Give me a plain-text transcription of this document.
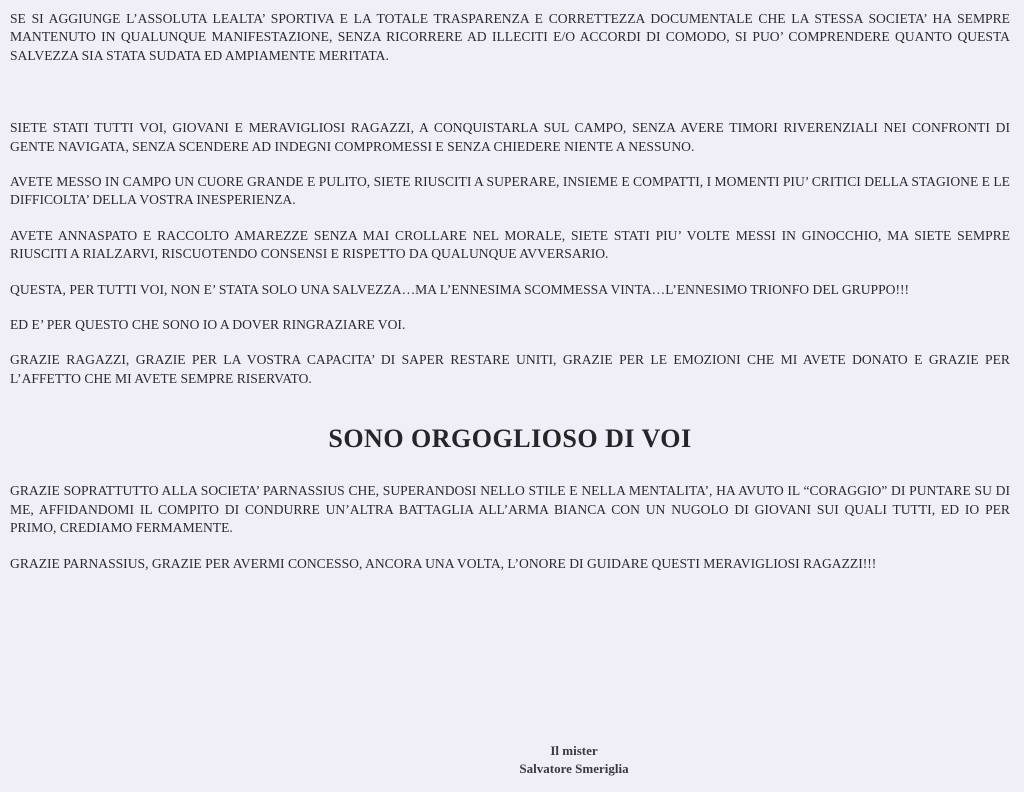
SE SI AGGIUNGE L’ASSOLUTA LEALTA’ SPORTIVA E LA TOTALE TRASPARENZA E CORRETTEZZA DOCUMENTALE CHE LA STESSA SOCIETA’ HA SEMPRE MANTENUTO IN QUALUNQUE MANIFESTAZIONE, SENZA RICORRERE AD ILLECITI E/O ACCORDI DI COMODO, SI PUO’ COMPRENDERE QUANTO QUESTA SALVEZZA SIA STATA SUDATA ED AMPIAMENTE MERITATA.

SIETE STATI TUTTI VOI, GIOVANI E MERAVIGLIOSI RAGAZZI, A CONQUISTARLA SUL CAMPO, SENZA AVERE TIMORI RIVERENZIALI NEI CONFRONTI DI GENTE NAVIGATA, SENZA SCENDERE AD INDEGNI COMPROMESSI E SENZA CHIEDERE NIENTE A NESSUNO.

AVETE MESSO IN CAMPO UN CUORE GRANDE E PULITO, SIETE RIUSCITI A SUPERARE, INSIEME E COMPATTI, I MOMENTI PIU’ CRITICI DELLA STAGIONE E LE DIFFICOLTA’ DELLA VOSTRA INESPERIENZA.

AVETE ANNASPATO E RACCOLTO AMAREZZE SENZA MAI CROLLARE NEL MORALE, SIETE STATI PIU’ VOLTE MESSI IN GINOCCHIO, MA SIETE SEMPRE RIUSCITI A RIALZARVI, RISCUOTENDO CONSENSI E RISPETTO DA QUALUNQUE AVVERSARIO.

QUESTA, PER TUTTI VOI, NON E’ STATA SOLO UNA SALVEZZA…MA L’ENNESIMA SCOMMESSA VINTA…L’ENNESIMO TRIONFO DEL GRUPPO!!!

ED E’ PER QUESTO CHE SONO IO A DOVER RINGRAZIARE VOI.

GRAZIE RAGAZZI, GRAZIE PER LA VOSTRA CAPACITA’ DI SAPER RESTARE UNITI, GRAZIE PER LE EMOZIONI CHE MI AVETE DONATO E GRAZIE PER L’AFFETTO CHE MI AVETE SEMPRE RISERVATO.

SONO ORGOGLIOSO DI VOI

GRAZIE SOPRATTUTTO ALLA SOCIETA’ PARNASSIUS CHE, SUPERANDOSI NELLO STILE E NELLA MENTALITA’, HA AVUTO IL “CORAGGIO” DI PUNTARE SU DI ME, AFFIDANDOMI IL COMPITO DI CONDURRE UN’ALTRA BATTAGLIA ALL’ARMA BIANCA CON UN NUGOLO DI GIOVANI SUI QUALI TUTTI, ED IO PER PRIMO, CREDIAMO FERMAMENTE.

GRAZIE PARNASSIUS, GRAZIE PER AVERMI CONCESSO, ANCORA UNA VOLTA, L’ONORE DI GUIDARE QUESTI MERAVIGLIOSI RAGAZZI!!!

Il mister
Salvatore Smeriglia
